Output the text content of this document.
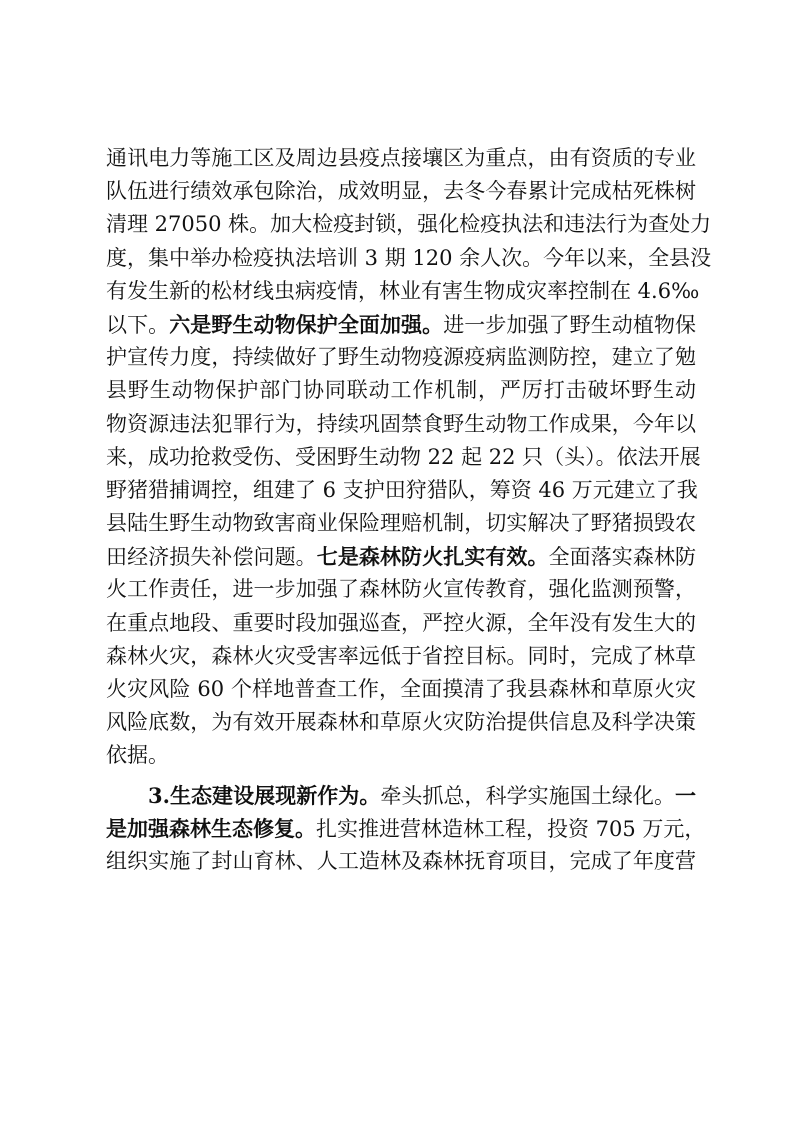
通讯电力等施工区及周边县疫点接壤区为重点，由有资质的专业
队伍进行绩效承包除治，成效明显，去冬今春累计完成枯死株树
清理 27050 株。加大检疫封锁，强化检疫执法和违法行为查处力
度，集中举办检疫执法培训 3 期 120 余人次。今年以来，全县没
有发生新的松材线虫病疫情，林业有害生物成灾率控制在 4.6‰
以下。六是野生动物保护全面加强。进一步加强了野生动植物保
护宣传力度，持续做好了野生动物疫源疫病监测防控，建立了勉
县野生动物保护部门协同联动工作机制，严厉打击破坏野生动
物资源违法犯罪行为，持续巩固禁食野生动物工作成果，今年以
来，成功抢救受伤、受困野生动物 22 起 22 只（头）。依法开展
野猪猎捕调控，组建了 6 支护田狩猎队，筹资 46 万元建立了我
县陆生野生动物致害商业保险理赔机制，切实解决了野猪损毁农
田经济损失补偿问题。七是森林防火扎实有效。全面落实森林防
火工作责任，进一步加强了森林防火宣传教育，强化监测预警，
在重点地段、重要时段加强巡查，严控火源，全年没有发生大的
森林火灾，森林火灾受害率远低于省控目标。同时，完成了林草
火灾风险 60 个样地普查工作，全面摸清了我县森林和草原火灾
风险底数，为有效开展森林和草原火灾防治提供信息及科学决策
依据。
3.生态建设展现新作为。牵头抓总，科学实施国土绿化。一
是加强森林生态修复。扎实推进营林造林工程，投资 705 万元，
组织实施了封山育林、人工造林及森林抚育项目，完成了年度营
